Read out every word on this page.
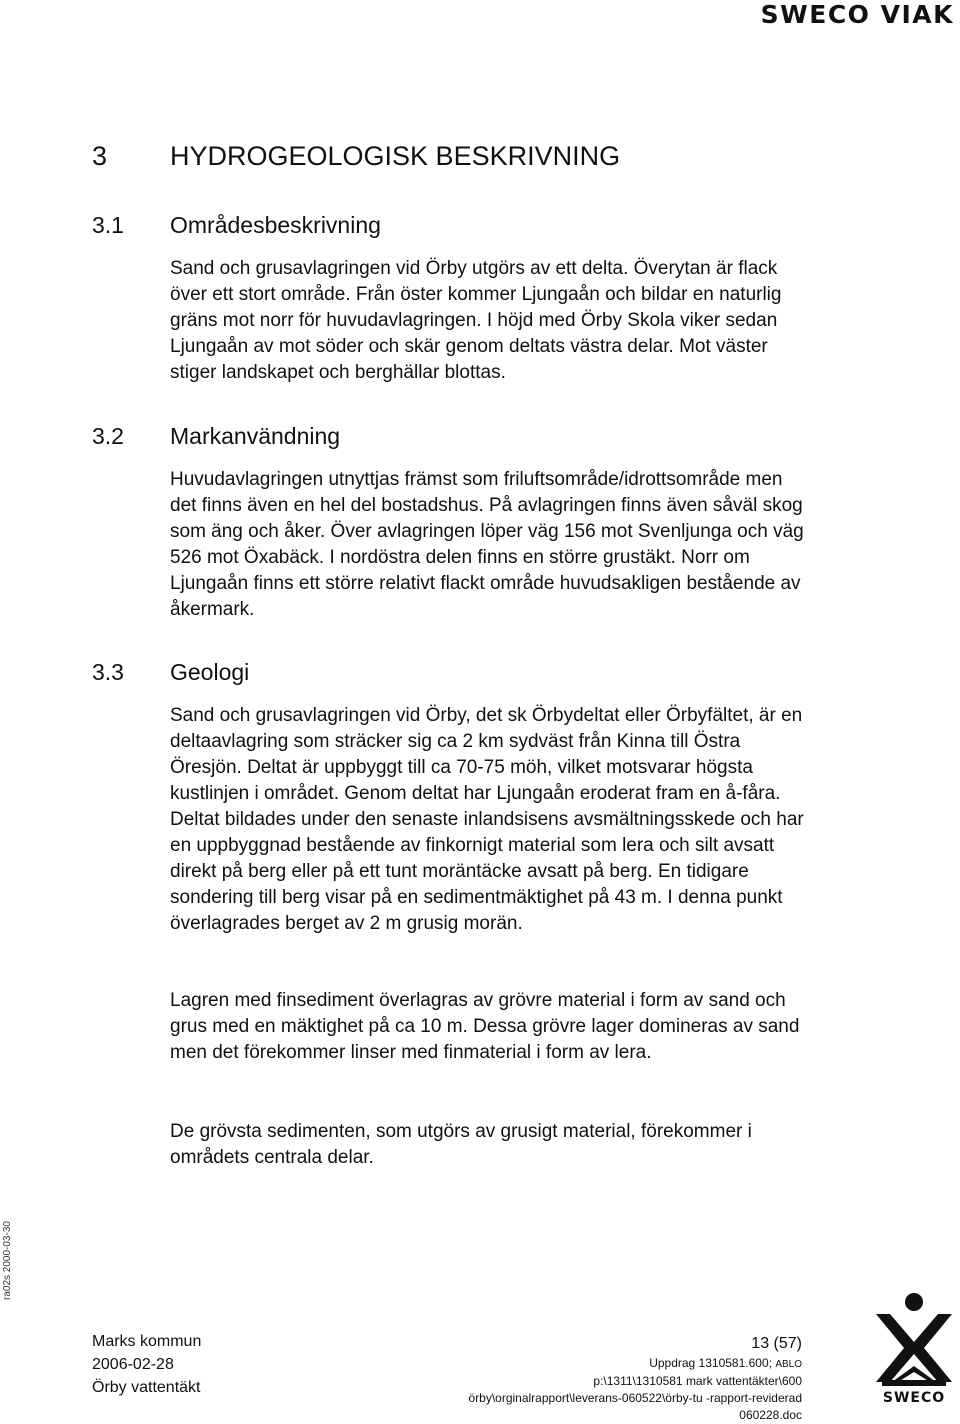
SWECO VIAK
3 HYDROGEOLOGISK BESKRIVNING
3.1 Områdesbeskrivning

Sand och grusavlagringen vid Örby utgörs av ett delta. Överytan är flack över ett stort område. Från öster kommer Ljungaån och bildar en naturlig gräns mot norr för huvudavlagringen. I höjd med Örby Skola viker sedan Ljungaån av mot söder och skär genom deltats västra delar. Mot väster stiger landskapet och berghällar blottas.

3.2 Markanvändning

Huvudavlagringen utnyttjas främst som friluftsområde/idrottsområde men det finns även en hel del bostadshus. På avlagringen finns även såväl skog som äng och åker. Över avlagringen löper väg 156 mot Svenljunga och väg 526 mot Öxabäck. I nordöstra delen finns en större grustäkt. Norr om Ljungaån finns ett större relativt flackt område huvudsakligen bestående av åkermark.

3.3 Geologi

Sand och grusavlagringen vid Örby, det sk Örbydeltat eller Örbyfältet, är en deltaavlagring som sträcker sig ca 2 km sydväst från Kinna till Östra Öresjön. Deltat är uppbyggt till ca 70-75 möh, vilket motsvarar högsta kustlinjen i området. Genom deltat har Ljungaån eroderat fram en å-fåra. Deltat bildades under den senaste inlandsisens avsmältningsskede och har en uppbyggnad bestående av finkornigt material som lera och silt avsatt direkt på berg eller på ett tunt moräntäcke avsatt på berg. En tidigare sondering till berg visar på en sedimentmäktighet på 43 m. I denna punkt överlagrades berget av 2 m grusig morän.

Lagren med finsediment överlagras av grövre material i form av sand och grus med en mäktighet på ca 10 m. Dessa grövre lager domineras av sand men det förekommer linser med finmaterial i form av lera.

De grövsta sedimenten, som utgörs av grusigt material, förekommer i områdets centrala delar.

ra02s 2000-03-30
Marks kommun
2006-02-28
Örby vattentäkt
13 (57)
Uppdrag 1310581.600; ABLO
p:\1311\1310581 mark vattentäkter\600
örby\orginalrapport\leverans-060522\örby-tu -rapport-reviderad
060228.doc
SWECO
